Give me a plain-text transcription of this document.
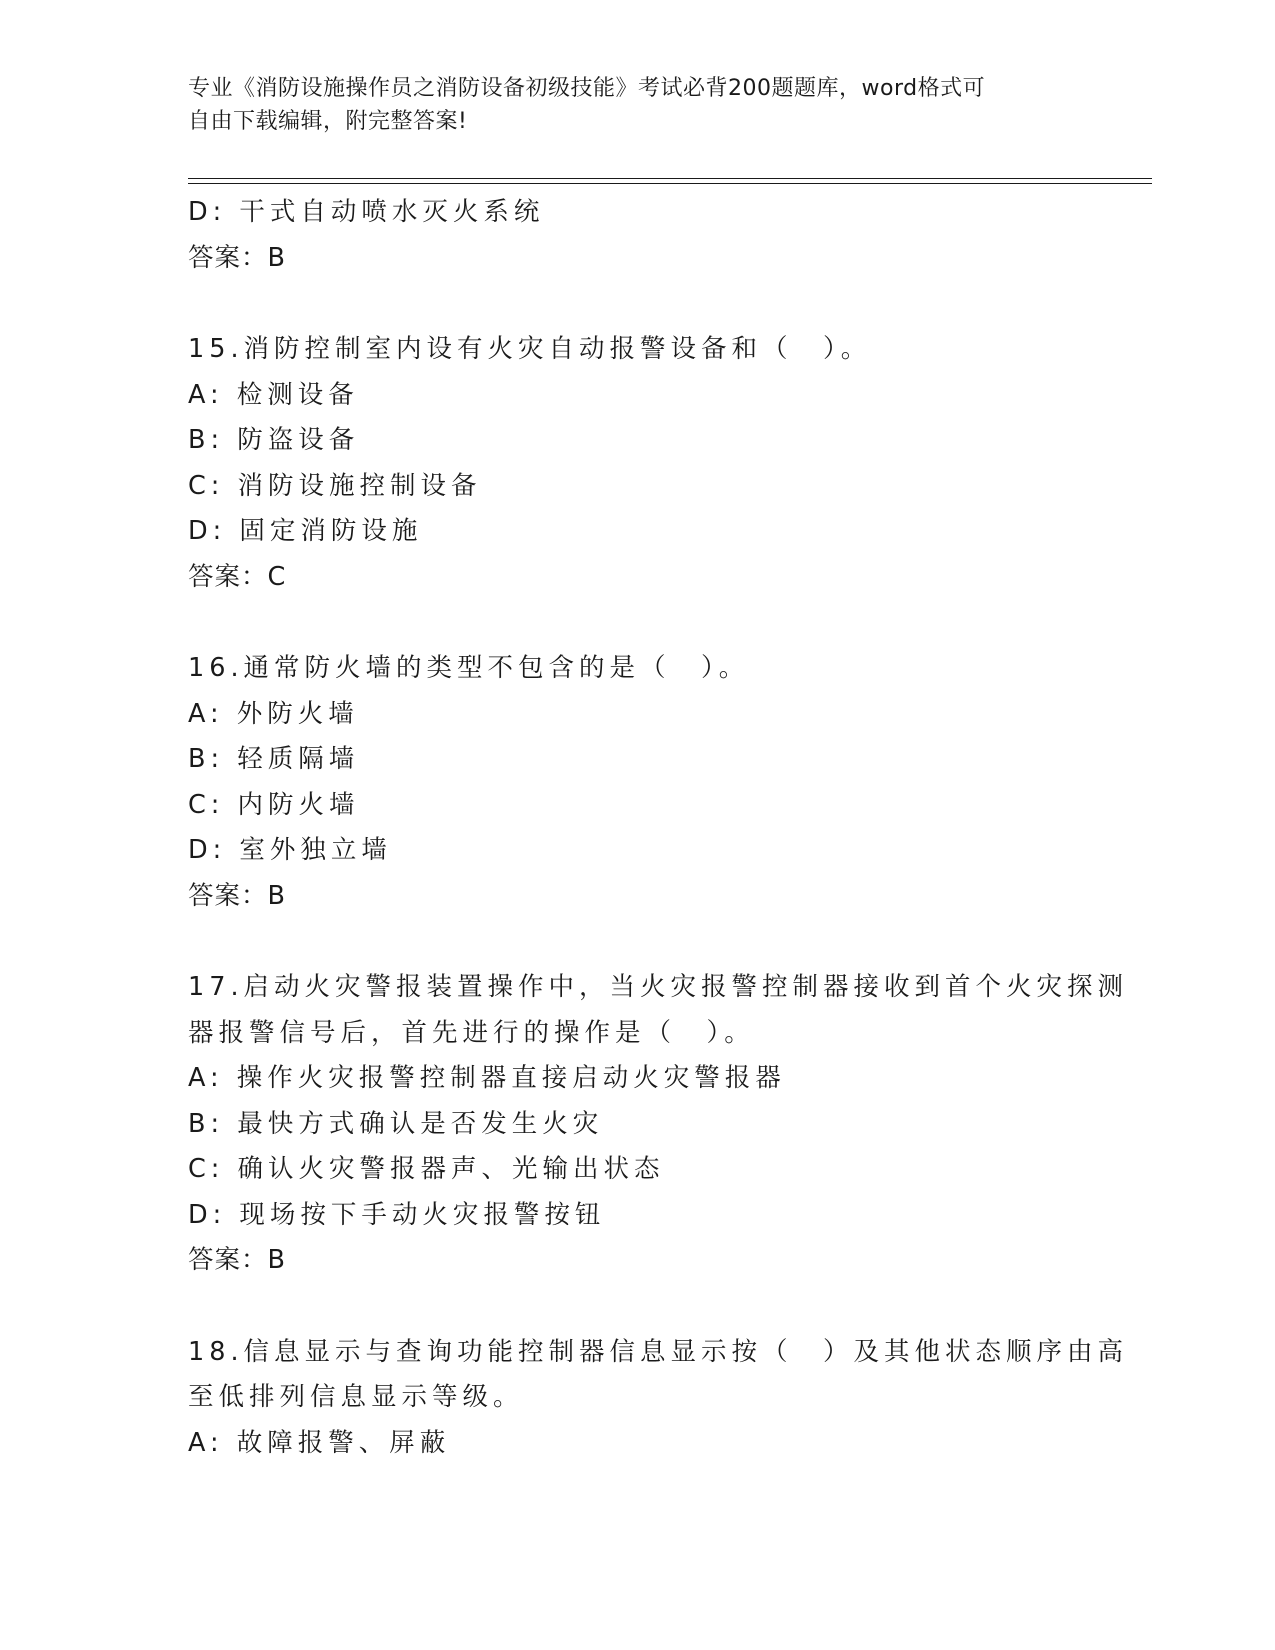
专业《消防设施操作员之消防设备初级技能》考试必背200题题库，word格式可
自由下载编辑，附完整答案!
D: 干式自动喷水灭火系统
答案：B
15.消防控制室内设有火灾自动报警设备和（　）。
A: 检测设备
B: 防盗设备
C: 消防设施控制设备
D: 固定消防设施
答案：C
16.通常防火墙的类型不包含的是（　）。
A: 外防火墙
B: 轻质隔墙
C: 内防火墙
D: 室外独立墙
答案：B
17.启动火灾警报装置操作中，当火灾报警控制器接收到首个火灾探测
器报警信号后，首先进行的操作是（　）。
A: 操作火灾报警控制器直接启动火灾警报器
B: 最快方式确认是否发生火灾
C: 确认火灾警报器声、光输出状态
D: 现场按下手动火灾报警按钮
答案：B
18.信息显示与查询功能控制器信息显示按（　）及其他状态顺序由高
至低排列信息显示等级。
A: 故障报警、屏蔽
